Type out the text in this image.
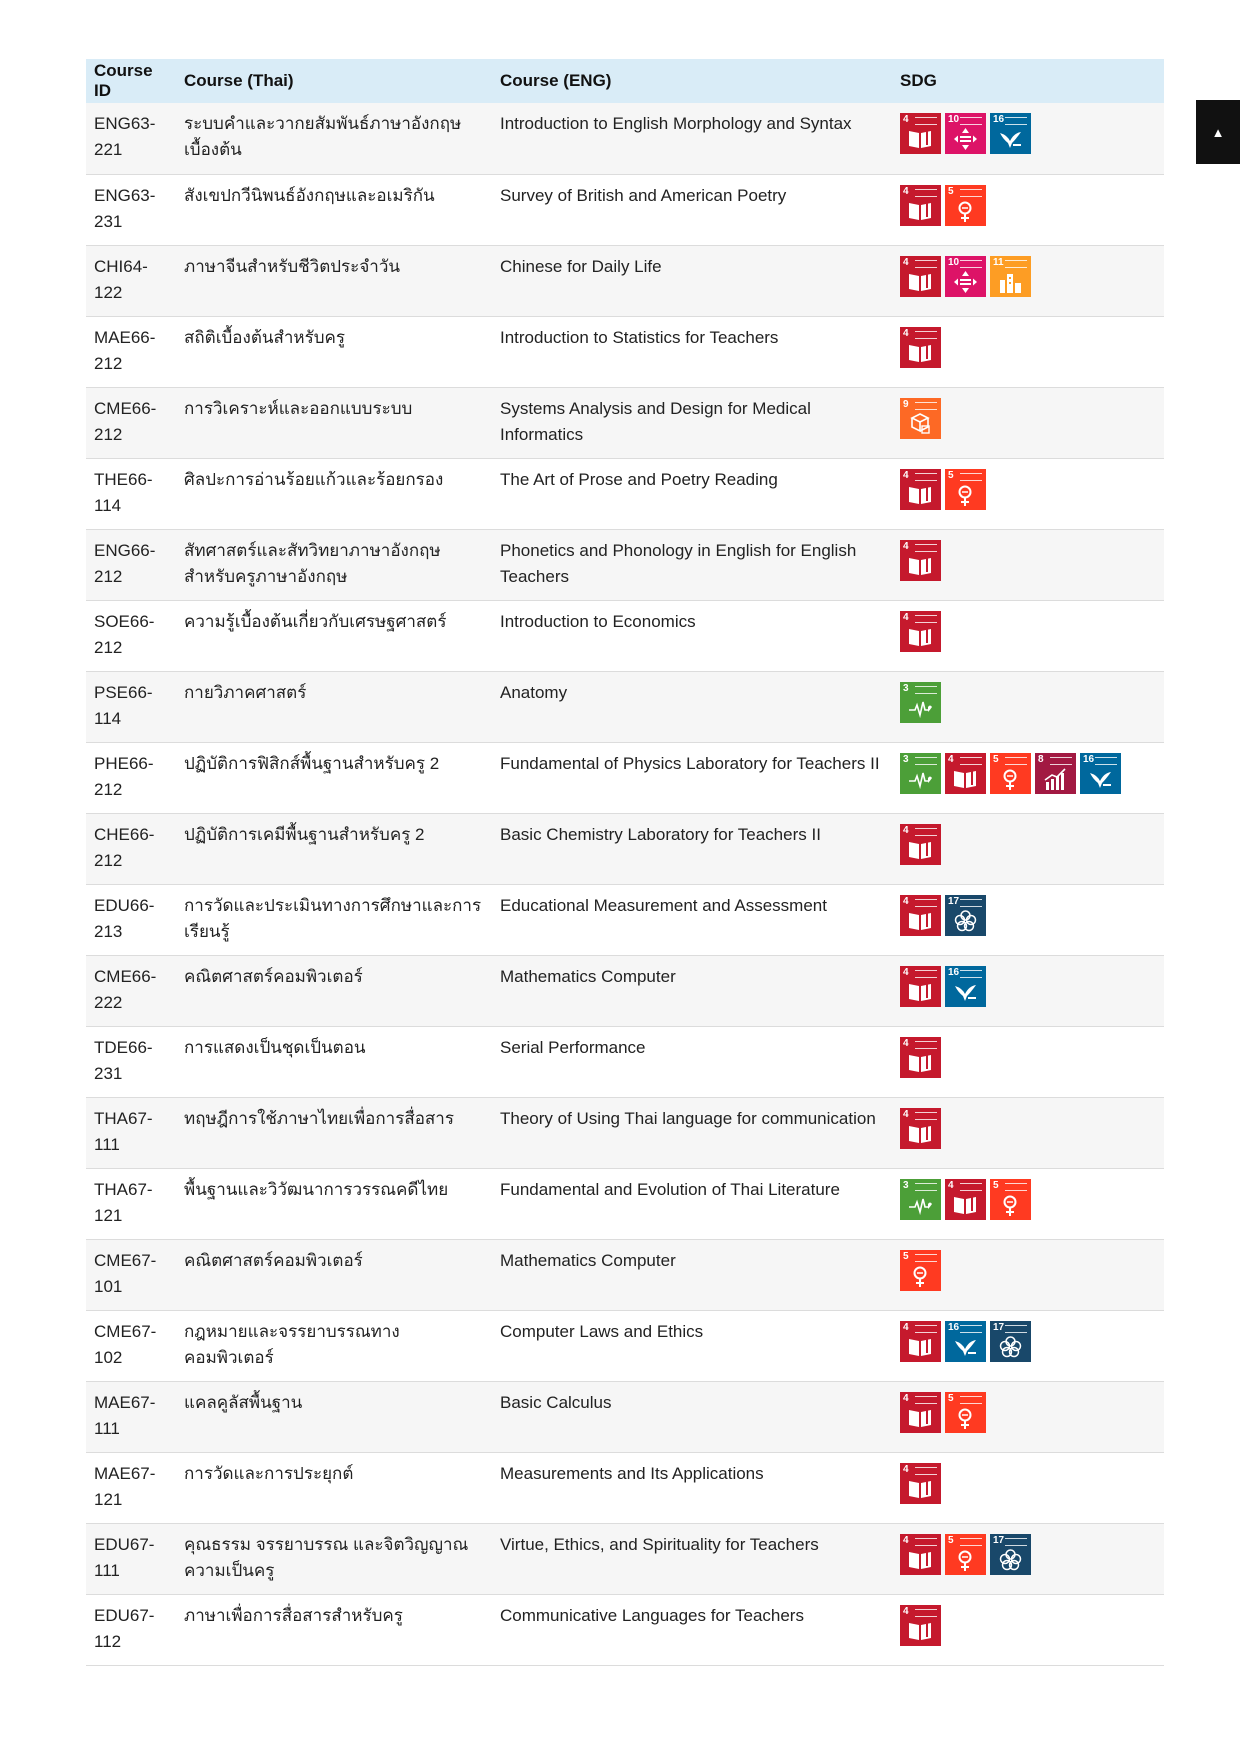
Course ID	Course (Thai)	Course (ENG)	SDG
ENG63-221	ระบบคำและวากยสัมพันธ์ภาษาอังกฤษเบื้องต้น	Introduction to English Morphology and Syntax	4 10 16

ENG63-231	สังเขปกวีนิพนธ์อังกฤษและอเมริกัน	Survey of British and American Poetry	4 5

CHI64-122	ภาษาจีนสำหรับชีวิตประจำวัน	Chinese for Daily Life	4 10 11

MAE66-212	สถิติเบื้องต้นสำหรับครู	Introduction to Statistics for Teachers	4

CME66-212	การวิเคราะห์และออกแบบระบบ	Systems Analysis and Design for Medical Informatics	9

THE66-114	ศิลปะการอ่านร้อยแก้วและร้อยกรอง	The Art of Prose and Poetry Reading	4 5

ENG66-212	สัทศาสตร์และสัทวิทยาภาษาอังกฤษสำหรับครูภาษาอังกฤษ	Phonetics and Phonology in English for English Teachers	4

SOE66-212	ความรู้เบื้องต้นเกี่ยวกับเศรษฐศาสตร์	Introduction to Economics	4

PSE66-114	กายวิภาคศาสตร์	Anatomy	3

PHE66-212	ปฏิบัติการฟิสิกส์พื้นฐานสำหรับครู 2	Fundamental of Physics Laboratory for Teachers II	3 4 5 8 16

CHE66-212	ปฏิบัติการเคมีพื้นฐานสำหรับครู 2	Basic Chemistry Laboratory for Teachers II	4

EDU66-213	การวัดและประเมินทางการศึกษาและการเรียนรู้	Educational Measurement and Assessment	4 17

CME66-222	คณิตศาสตร์คอมพิวเตอร์	Mathematics Computer	4 16

TDE66-231	การแสดงเป็นชุดเป็นตอน	Serial Performance	4

THA67-111	ทฤษฎีการใช้ภาษาไทยเพื่อการสื่อสาร	Theory of Using Thai language for communication	4

THA67-121	พื้นฐานและวิวัฒนาการวรรณคดีไทย	Fundamental and Evolution of Thai Literature	3 4 5

CME67-101	คณิตศาสตร์คอมพิวเตอร์	Mathematics Computer	5

CME67-102	กฎหมายและจรรยาบรรณทางคอมพิวเตอร์	Computer Laws and Ethics	4 16 17

MAE67-111	แคลคูลัสพื้นฐาน	Basic Calculus	4 5

MAE67-121	การวัดและการประยุกต์	Measurements and Its Applications	4

EDU67-111	คุณธรรม จรรยาบรรณ และจิตวิญญาณความเป็นครู	Virtue, Ethics, and Spirituality for Teachers	4 5 17

EDU67-112	ภาษาเพื่อการสื่อสารสำหรับครู	Communicative Languages for Teachers	4
▲
